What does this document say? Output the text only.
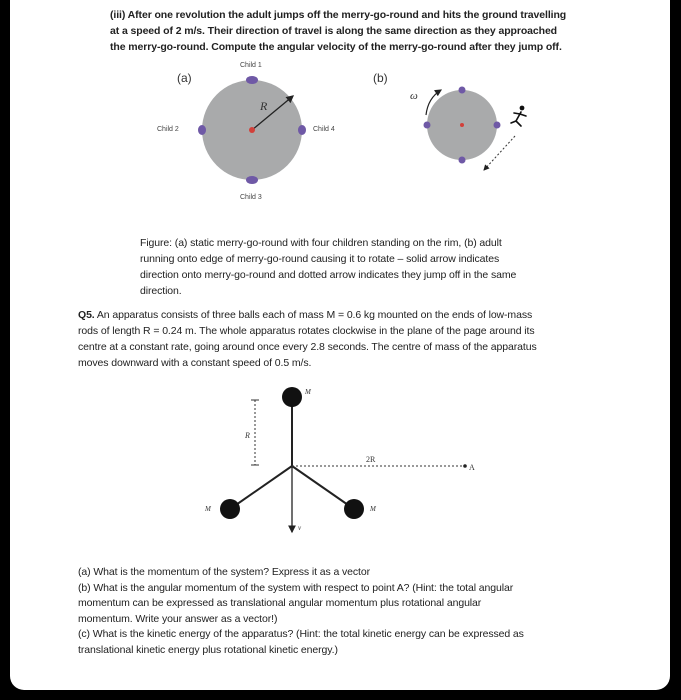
(iii) After one revolution the adult jumps off the merry-go-round and hits the ground travelling
at a speed of 2 m/s. Their direction of travel is along the same direction as they approached
the merry-go-round. Compute the angular velocity of the merry-go-round after they jump off.
(a)	(b)
Child 1
Child 2
Child 3
Child 4
R
ω
Figure: (a) static merry-go-round with four children standing on the rim, (b) adult
running onto edge of merry-go-round causing it to rotate – solid arrow indicates
direction onto merry-go-round and dotted arrow indicates they jump off in the same
direction.
Q5. An apparatus consists of three balls each of mass M = 0.6 kg mounted on the ends of low-mass
rods of length R = 0.24 m. The whole apparatus rotates clockwise in the plane of the page around its
centre at a constant rate, going around once every 2.8 seconds. The centre of mass of the apparatus
moves downward with a constant speed of 0.5 m/s.
R
v
2R
A
M
M	M
(a) What is the momentum of the system? Express it as a vector
(b) What is the angular momentum of the system with respect to point A? (Hint: the total angular
momentum can be expressed as translational angular momentum plus rotational angular
momentum. Write your answer as a vector!)
(c) What is the kinetic energy of the apparatus? (Hint: the total kinetic energy can be expressed as
translational kinetic energy plus rotational kinetic energy.)
